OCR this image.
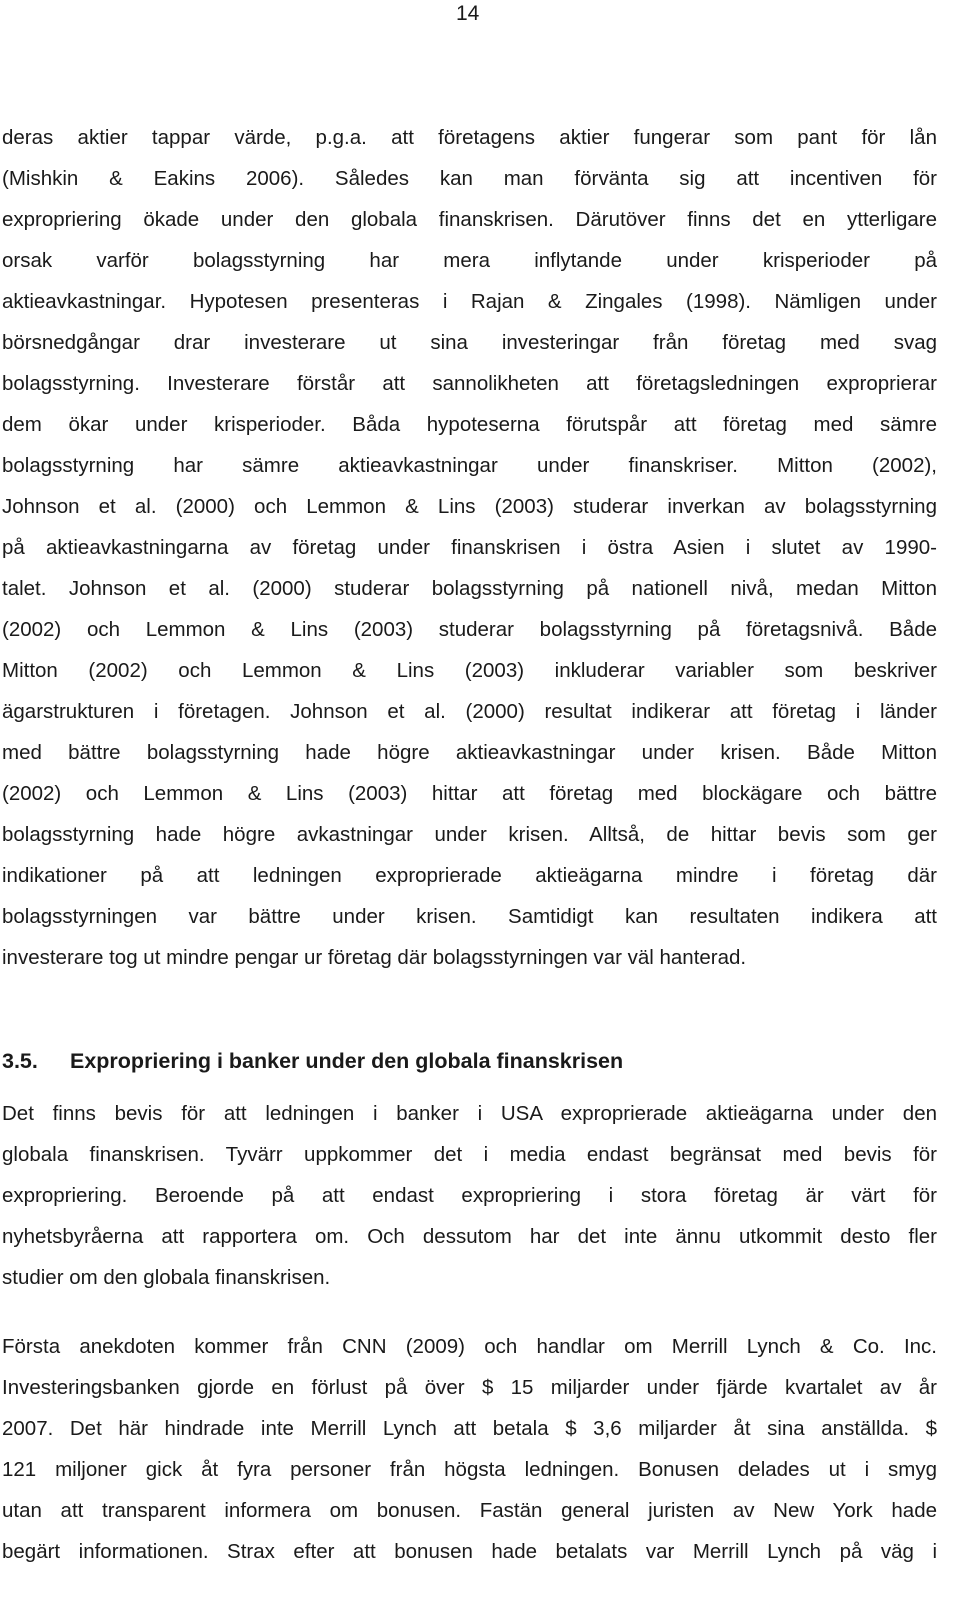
14
deras aktier tappar värde, p.g.a. att företagens aktier fungerar som pant för lån
(Mishkin & Eakins 2006). Således kan man förvänta sig att incentiven för
expropriering ökade under den globala finanskrisen. Därutöver finns det en ytterligare
orsak varför bolagsstyrning har mera inflytande under krisperioder på
aktieavkastningar. Hypotesen presenteras i Rajan & Zingales (1998). Nämligen under
börsnedgångar drar investerare ut sina investeringar från företag med svag
bolagsstyrning. Investerare förstår att sannolikheten att företagsledningen exproprierar
dem ökar under krisperioder. Båda hypoteserna förutspår att företag med sämre
bolagsstyrning har sämre aktieavkastningar under finanskriser. Mitton (2002),
Johnson et al. (2000) och Lemmon & Lins (2003) studerar inverkan av bolagsstyrning
på aktieavkastningarna av företag under finanskrisen i östra Asien i slutet av 1990-
talet. Johnson et al. (2000) studerar bolagsstyrning på nationell nivå, medan Mitton
(2002) och Lemmon & Lins (2003) studerar bolagsstyrning på företagsnivå. Både
Mitton (2002) och Lemmon & Lins (2003) inkluderar variabler som beskriver
ägarstrukturen i företagen. Johnson et al. (2000) resultat indikerar att företag i länder
med bättre bolagsstyrning hade högre aktieavkastningar under krisen. Både Mitton
(2002) och Lemmon & Lins (2003) hittar att företag med blockägare och bättre
bolagsstyrning hade högre avkastningar under krisen. Alltså, de hittar bevis som ger
indikationer på att ledningen exproprierade aktieägarna mindre i företag där
bolagsstyrningen var bättre under krisen. Samtidigt kan resultaten indikera att
investerare tog ut mindre pengar ur företag där bolagsstyrningen var väl hanterad.
3.5. Expropriering i banker under den globala finanskrisen
Det finns bevis för att ledningen i banker i USA exproprierade aktieägarna under den
globala finanskrisen. Tyvärr uppkommer det i media endast begränsat med bevis för
expropriering. Beroende på att endast expropriering i stora företag är värt för
nyhetsbyråerna att rapportera om. Och dessutom har det inte ännu utkommit desto fler
studier om den globala finanskrisen.
Första anekdoten kommer från CNN (2009) och handlar om Merrill Lynch & Co. Inc.
Investeringsbanken gjorde en förlust på över $ 15 miljarder under fjärde kvartalet av år
2007. Det här hindrade inte Merrill Lynch att betala $ 3,6 miljarder åt sina anställda. $
121 miljoner gick åt fyra personer från högsta ledningen. Bonusen delades ut i smyg
utan att transparent informera om bonusen. Fastän general juristen av New York hade
begärt informationen. Strax efter att bonusen hade betalats var Merrill Lynch på väg i
